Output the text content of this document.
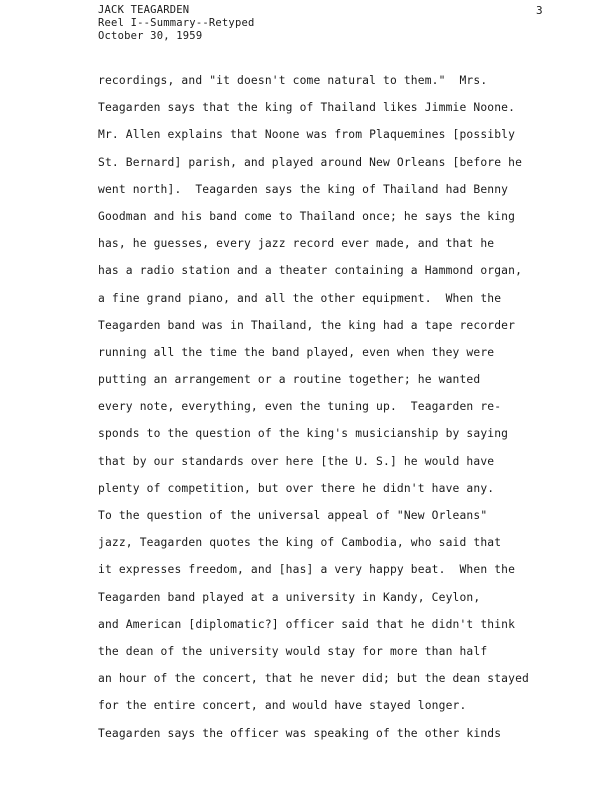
JACK TEAGARDEN
Reel I--Summary--Retyped
October 30, 1959
3
recordings, and "it doesn't come natural to them."  Mrs.
Teagarden says that the king of Thailand likes Jimmie Noone.
Mr. Allen explains that Noone was from Plaquemines [possibly
St. Bernard] parish, and played around New Orleans [before he
went north].  Teagarden says the king of Thailand had Benny
Goodman and his band come to Thailand once; he says the king
has, he guesses, every jazz record ever made, and that he
has a radio station and a theater containing a Hammond organ,
a fine grand piano, and all the other equipment.  When the
Teagarden band was in Thailand, the king had a tape recorder
running all the time the band played, even when they were
putting an arrangement or a routine together; he wanted
every note, everything, even the tuning up.  Teagarden re-
sponds to the question of the king's musicianship by saying
that by our standards over here [the U. S.] he would have
plenty of competition, but over there he didn't have any.
To the question of the universal appeal of "New Orleans"
jazz, Teagarden quotes the king of Cambodia, who said that
it expresses freedom, and [has] a very happy beat.  When the
Teagarden band played at a university in Kandy, Ceylon,
and American [diplomatic?] officer said that he didn't think
the dean of the university would stay for more than half
an hour of the concert, that he never did; but the dean stayed
for the entire concert, and would have stayed longer.
Teagarden says the officer was speaking of the other kinds
